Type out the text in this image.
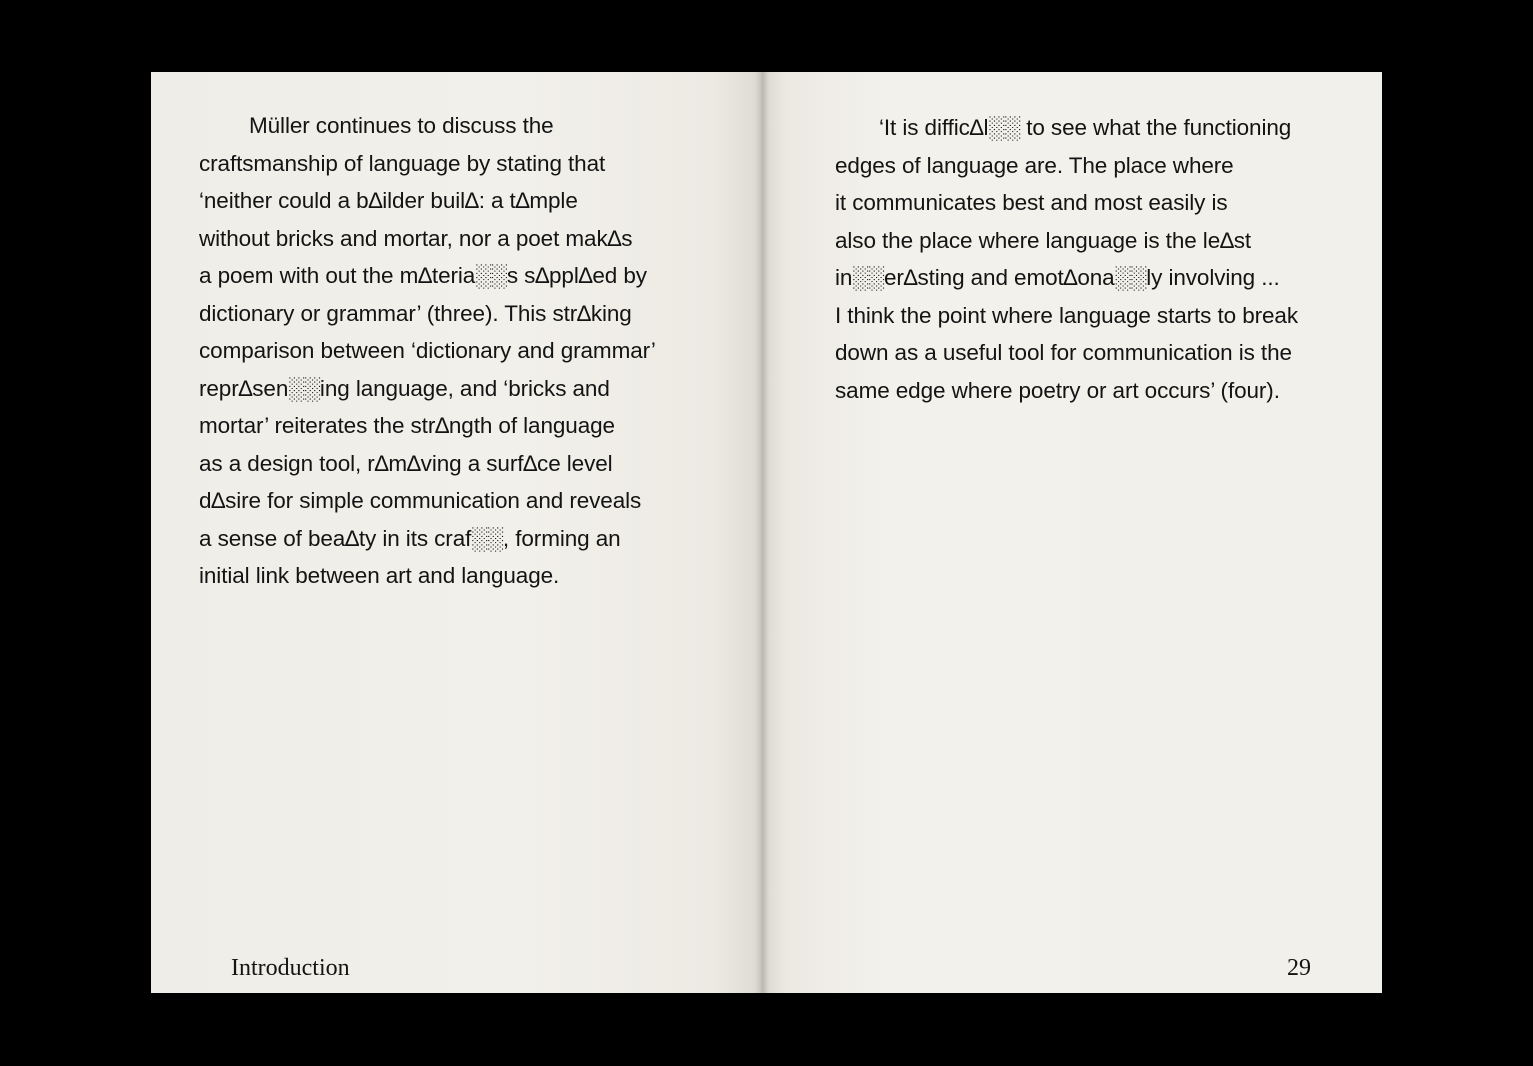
Müller continues to discuss the
craftsmanship of language by stating that
‘neither could a b∆ilder buil∆: a t∆mple
without bricks and mortar, nor a poet mak∆s
a poem with out the m∆teria░░s s∆ppl∆ed by
dictionary or grammar’ (three). This str∆king
comparison between ‘dictionary and grammar’
repr∆sen░░ing language, and ‘bricks and
mortar’ reiterates the str∆ngth of language
as a design tool, r∆m∆ving a surf∆ce level
d∆sire for simple communication and reveals
a sense of bea∆ty in its craf░░, forming an
initial link between art and language.
Introduction
‘It is diffic∆l░░ to see what the functioning
edges of language are. The place where
it communicates best and most easily is
also the place where language is the le∆st
in░░er∆sting and emot∆ona░░ly involving ...
I think the point where language starts to break
down as a useful tool for communication is the
same edge where poetry or art occurs’ (four).
29
